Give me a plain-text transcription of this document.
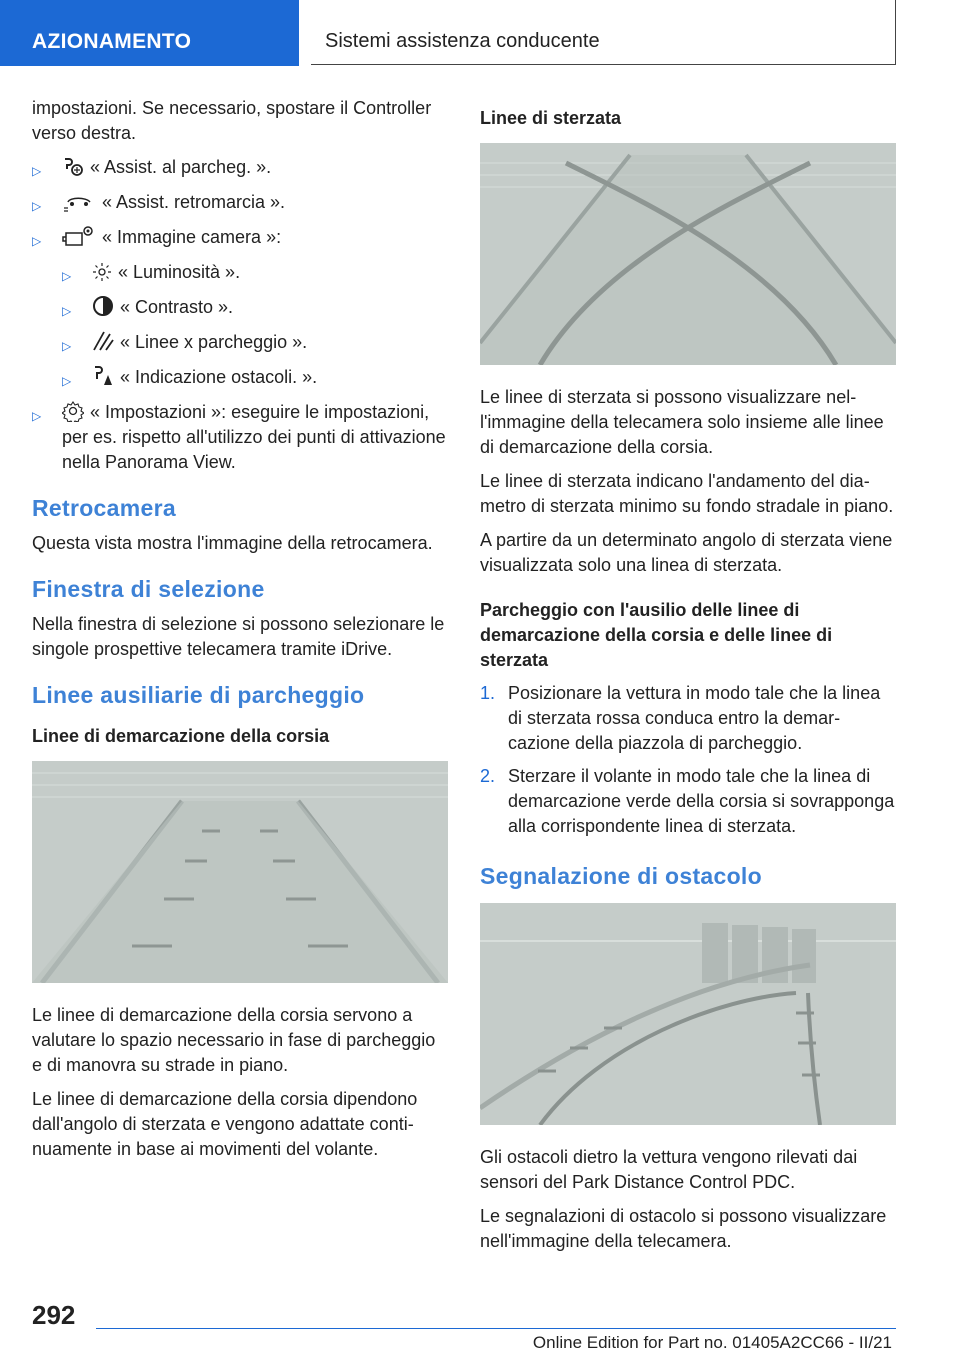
AZIONAMENTO	Sistemi assistenza conducente

impostazioni. Se necessario, spostare il Controller verso destra.

▷	« Assist. al parcheg. ».
▷	« Assist. retromarcia ».
▷	« Immagine camera »:
▷	« Luminosità ».
▷	« Contrasto ».
▷	« Linee x parcheggio ».
▷	« Indicazione ostacoli. ».
▷	« Impostazioni »: eseguire le impostazioni, per es. rispetto all'utilizzo dei punti di attivazione nella Panorama View.
Retrocamera

Questa vista mostra l'immagine della retrocamera.

Finestra di selezione

Nella finestra di selezione si possono selezionare le singole prospettive telecamera tramite iDrive.

Linee ausiliarie di parcheggio
Linee di demarcazione della corsia

Le linee di demarcazione della corsia servono a valutare lo spazio necessario in fase di parcheggio e di manovra su strade in piano.

Le linee di demarcazione della corsia dipendono dall'angolo di sterzata e vengono adattate continuamente in base ai movimenti del volante.

Linee di sterzata

Le linee di sterzata si possono visualizzare nell'immagine della telecamera solo insieme alle linee di demarcazione della corsia.

Le linee di sterzata indicano l'andamento del diametro di sterzata minimo su fondo stradale in piano.

A partire da un determinato angolo di sterzata viene visualizzata solo una linea di sterzata.

Parcheggio con l'ausilio delle linee di demarcazione della corsia e delle linee di sterzata
1. Posizionare la vettura in modo tale che la linea di sterzata rossa conduca entro la demarcazione della piazzola di parcheggio.
2. Sterzare il volante in modo tale che la linea di demarcazione verde della corsia si sovrapponga alla corrispondente linea di sterzata.
Segnalazione di ostacolo

Gli ostacoli dietro la vettura vengono rilevati dai sensori del Park Distance Control PDC.

Le segnalazioni di ostacolo si possono visualizzare nell'immagine della telecamera.

292
Online Edition for Part no. 01405A2CC66 - II/21
